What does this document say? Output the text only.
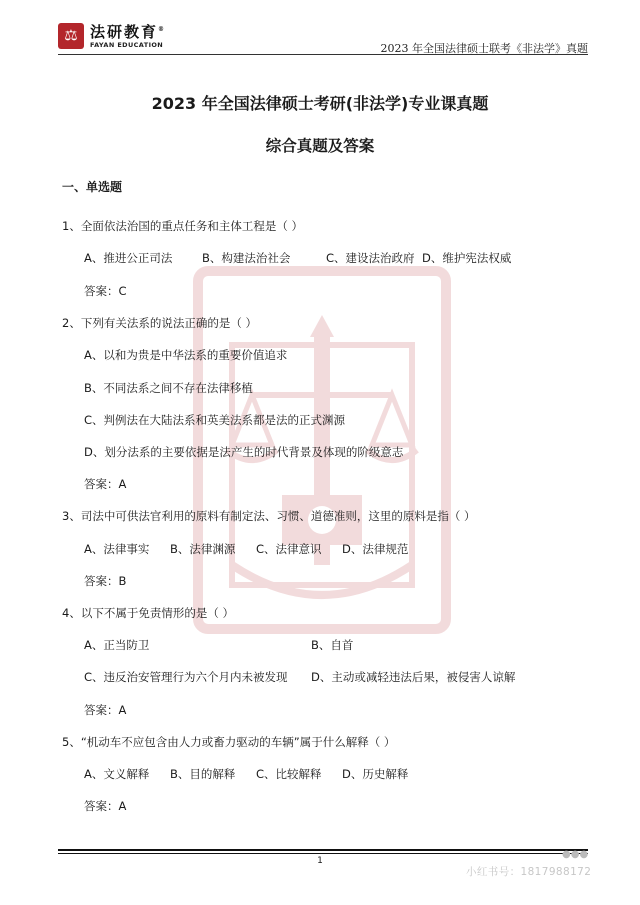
⚖ 法研教育®
FAYAN EDUCATION	2023 年全国法律硕士联考《非法学》真题
2023 年全国法律硕士考研(非法学)专业课真题
综合真题及答案
一、单选题
1、全面依法治国的重点任务和主体工程是（ ）
A、推进公正司法	B、构建法治社会	C、建设法治政府 D、维护宪法权威
答案：C
2、下列有关法系的说法正确的是（ ）
A、以和为贵是中华法系的重要价值追求
B、不同法系之间不存在法律移植
C、判例法在大陆法系和英美法系都是法的正式渊源
D、划分法系的主要依据是法产生的时代背景及体现的阶级意志
答案：A
3、司法中可供法官利用的原料有制定法、习惯、道德准则，这里的原料是指（ ）
A、法律事实 B、法律渊源 C、法律意识 D、法律规范
答案：B
4、以下不属于免责情形的是（ ）
A、正当防卫	B、自首
C、违反治安管理行为六个月内未被发现 D、主动或减轻违法后果，被侵害人谅解
答案：A
5、“机动车不应包含由人力或畜力驱动的车辆”属于什么解释（ ）
A、文义解释 B、目的解释 C、比较解释 D、历史解释
答案：A
1
●●●
小红书号：1817988172
